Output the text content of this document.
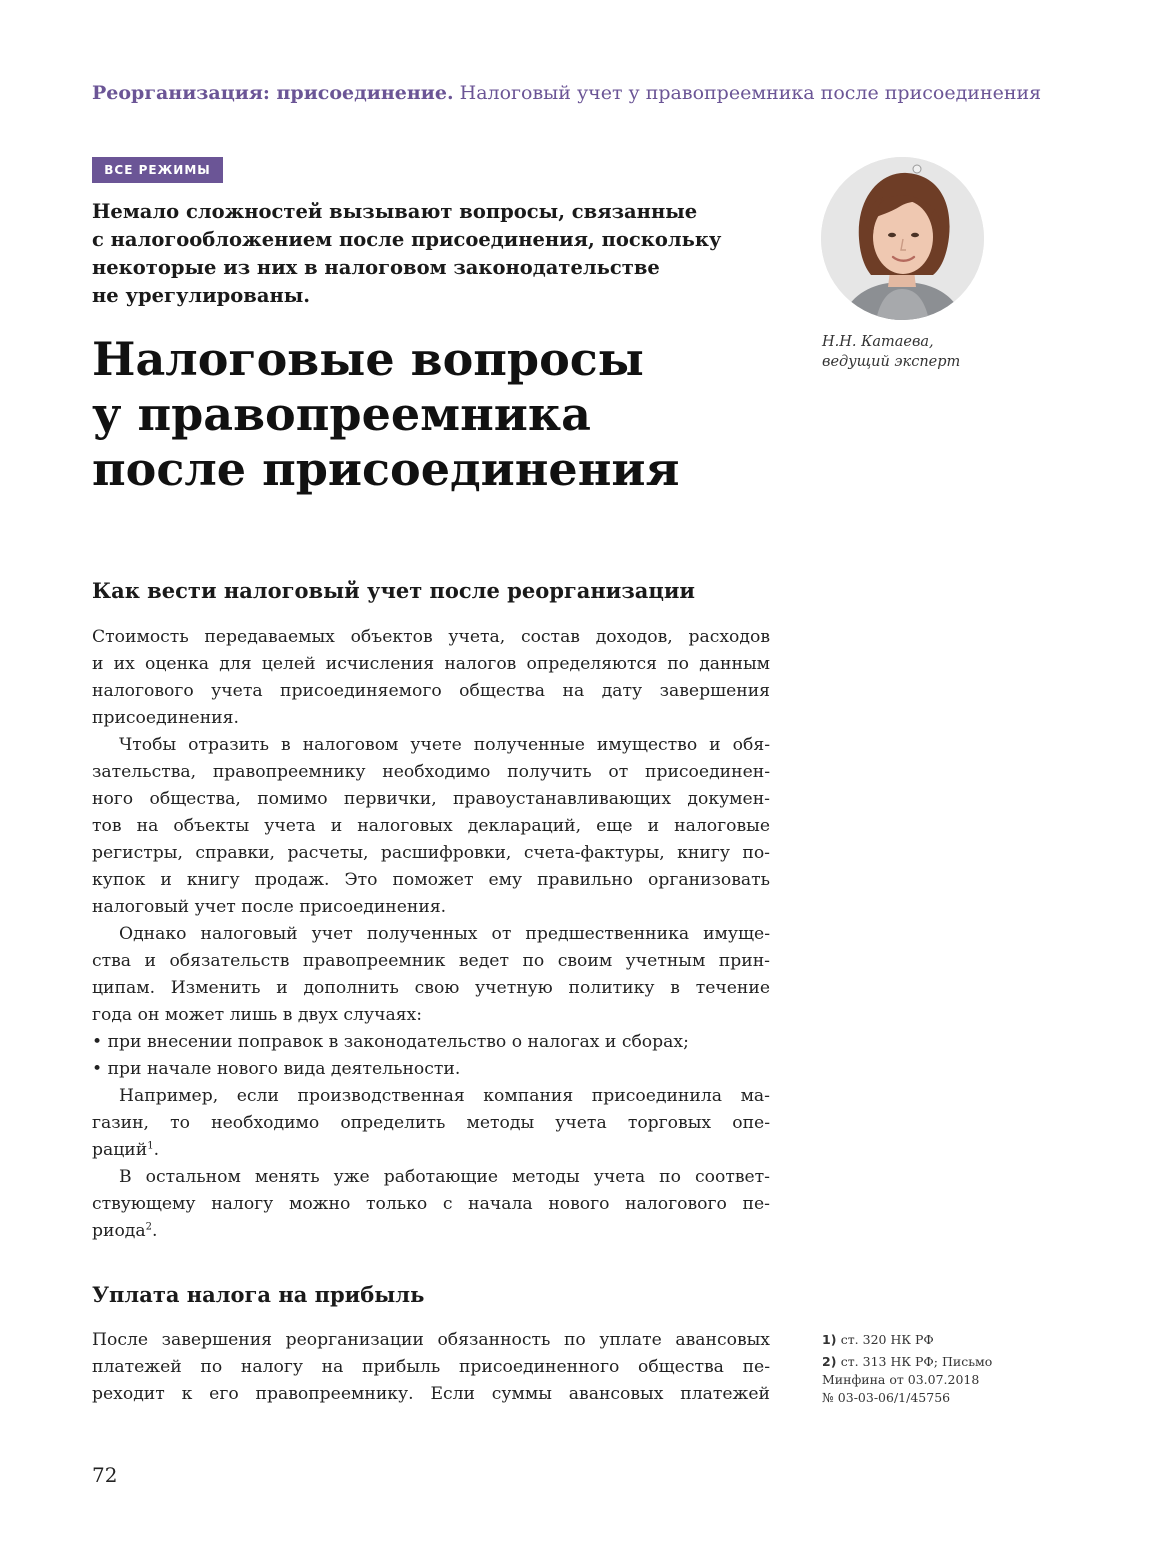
Реорганизация: присоединение. Налоговый учет у правопреемника после присоединения
ВСЕ РЕЖИМЫ
Немало сложностей вызывают вопросы, связанные
с налогообложением после присоединения, поскольку
некоторые из них в налоговом законодательстве
не урегулированы.
Налоговые вопросы
у правопреемника
после присоединения
Н.Н. Катаева,
ведущий эксперт
Как вести налоговый учет после реорганизации
Стоимость передаваемых объектов учета, состав доходов, расходов
и их оценка для целей исчисления налогов определяются по данным
налогового учета присоединяемого общества на дату завершения
присоединения.
Чтобы отразить в налоговом учете полученные имущество и обя-
зательства, правопреемнику необходимо получить от присоединен-
ного общества, помимо первички, правоустанавливающих докумен-
тов на объекты учета и налоговых деклараций, еще и налоговые
регистры, справки, расчеты, расшифровки, счета-фактуры, книгу по-
купок и книгу продаж. Это поможет ему правильно организовать
налоговый учет после присоединения.
Однако налоговый учет полученных от предшественника имуще-
ства и обязательств правопреемник ведет по своим учетным прин-
ципам. Изменить и дополнить свою учетную политику в течение
года он может лишь в двух случаях:
• при внесении поправок в законодательство о налогах и сборах;
• при начале нового вида деятельности.
Например, если производственная компания присоединила ма-
газин, то необходимо определить методы учета торговых опе-
раций$^1$.
В остальном менять уже работающие методы учета по соответ-
ствующему налогу можно только с начала нового налогового пе-
риода$^2$.
Уплата налога на прибыль
После завершения реорганизации обязанность по уплате авансовых
платежей по налогу на прибыль присоединенного общества пе-
реходит к его правопреемнику. Если суммы авансовых платежей
1) ст. 320 НК РФ
2) ст. 313 НК РФ; Письмо
Минфина от 03.07.2018
№ 03-03-06/1/45756
72
